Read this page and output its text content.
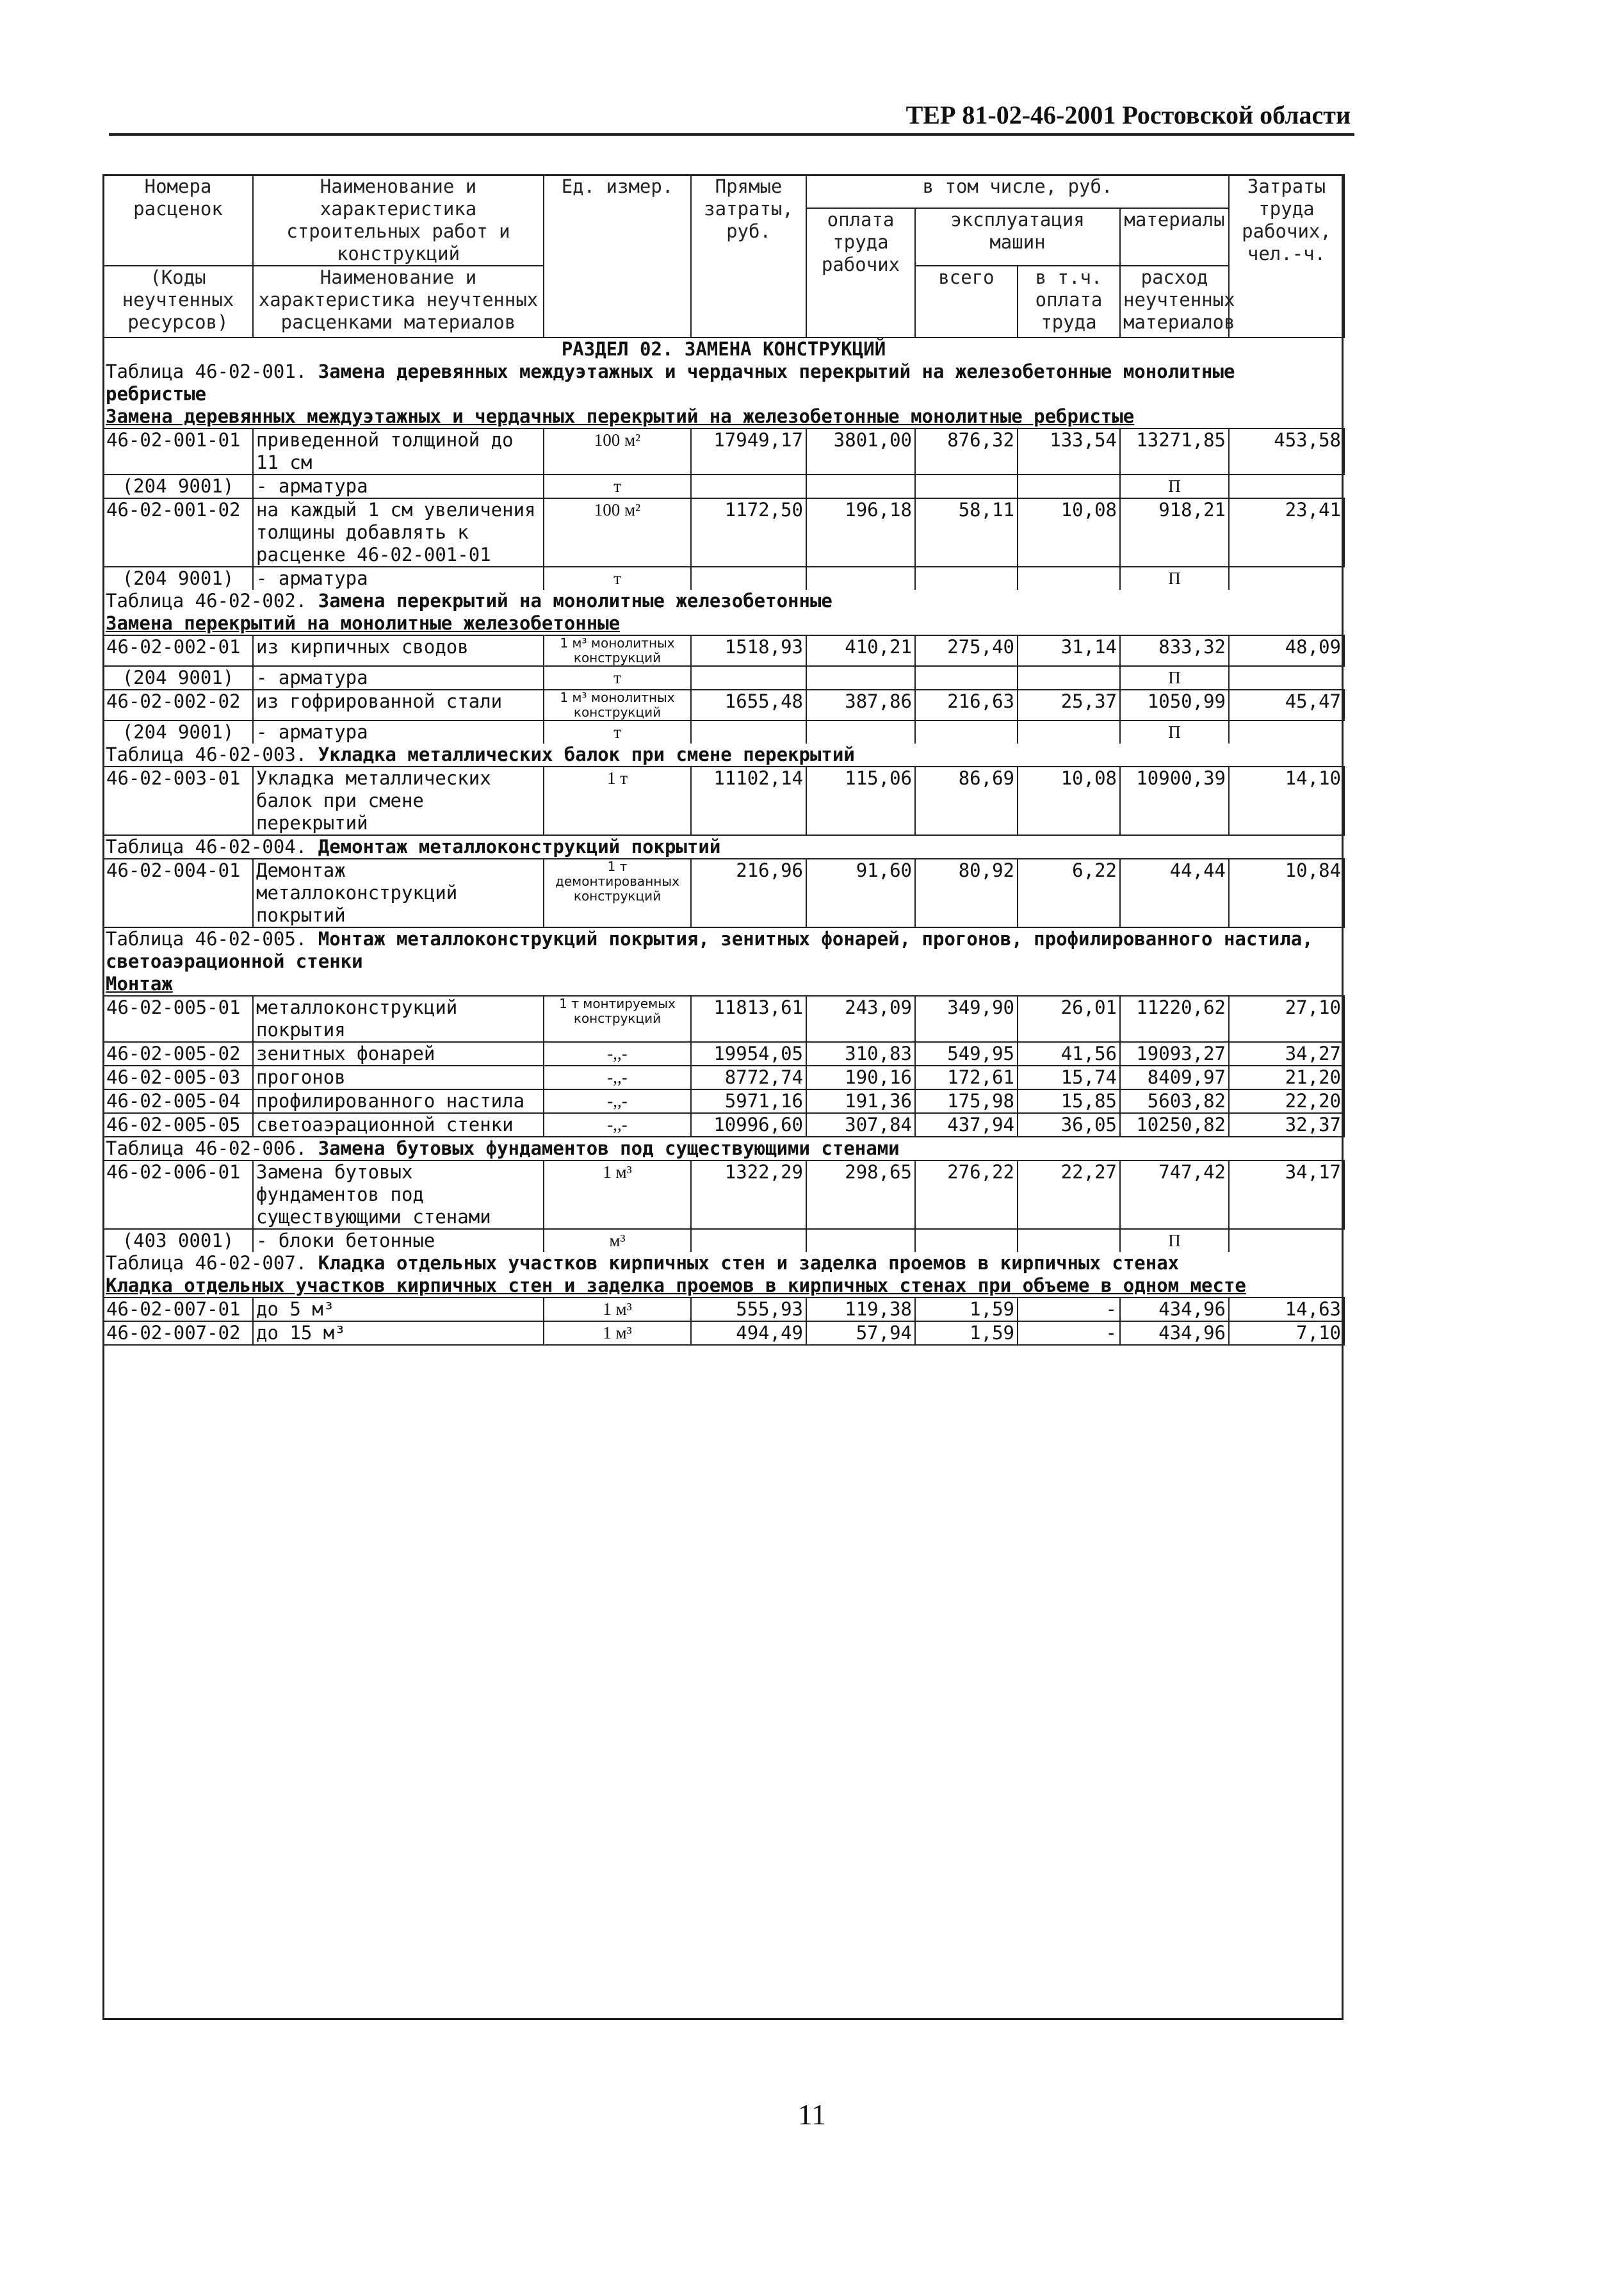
ТЕР 81-02-46-2001 Ростовской области
Номера расценок	Наименование и характеристика строительных работ и конструкций	Ед. измер.	Прямые затраты, руб.	в том числе, руб.				Затраты труда рабочих, чел.-ч.
				оплата труда рабочих	эксплуатация машин		материалы	
(Коды неучтенных ресурсов)	Наименование и характеристика неучтенных расценками материалов				всего	в т.ч. оплата труда	расход неучтенных материалов	

РАЗДЕЛ 02. ЗАМЕНА КОНСТРУКЦИЙ								
Таблица 46-02-001. Замена деревянных междуэтажных и чердачных перекрытий на железобетонные монолитные ребристые								
Замена деревянных междуэтажных и чердачных перекрытий на железобетонные монолитные ребристые								
46-02-001-01	приведенной толщиной до 11 см	100 м²	17949,17	3801,00	876,32	133,54	13271,85	453,58
(204 9001)	- арматура	т					П	
46-02-001-02	на каждый 1 см увеличения толщины добавлять к расценке 46-02-001-01	100 м²	1172,50	196,18	58,11	10,08	918,21	23,41
(204 9001)	- арматура	т					П	
Таблица 46-02-002. Замена перекрытий на монолитные железобетонные								
Замена перекрытий на монолитные железобетонные								
46-02-002-01	из кирпичных сводов	1 м³ монолитных конструкций	1518,93	410,21	275,40	31,14	833,32	48,09
(204 9001)	- арматура	т					П	
46-02-002-02	из гофрированной стали	1 м³ монолитных конструкций	1655,48	387,86	216,63	25,37	1050,99	45,47
(204 9001)	- арматура	т					П	
Таблица 46-02-003. Укладка металлических балок при смене перекрытий								
46-02-003-01	Укладка металлических балок при смене перекрытий	1 т	11102,14	115,06	86,69	10,08	10900,39	14,10
Таблица 46-02-004. Демонтаж металлоконструкций покрытий								
46-02-004-01	Демонтаж металлоконструкций покрытий	1 т демонтированных конструкций	216,96	91,60	80,92	6,22	44,44	10,84
Таблица 46-02-005. Монтаж металлоконструкций покрытия, зенитных фонарей, прогонов, профилированного настила, светоаэрационной стенки								
Монтаж								
46-02-005-01	металлоконструкций покрытия	1 т монтируемых конструкций	11813,61	243,09	349,90	26,01	11220,62	27,10
46-02-005-02	зенитных фонарей	-,,-	19954,05	310,83	549,95	41,56	19093,27	34,27
46-02-005-03	прогонов	-,,-	8772,74	190,16	172,61	15,74	8409,97	21,20
46-02-005-04	профилированного настила	-,,-	5971,16	191,36	175,98	15,85	5603,82	22,20
46-02-005-05	светоаэрационной стенки	-,,-	10996,60	307,84	437,94	36,05	10250,82	32,37
Таблица 46-02-006. Замена бутовых фундаментов под существующими стенами								
46-02-006-01	Замена бутовых фундаментов под существующими стенами	1 м³	1322,29	298,65	276,22	22,27	747,42	34,17
(403 0001)	- блоки бетонные	м³					П	
Таблица 46-02-007. Кладка отдельных участков кирпичных стен и заделка проемов в кирпичных стенах								
Кладка отдельных участков кирпичных стен и заделка проемов в кирпичных стенах при объеме в одном месте								
46-02-007-01	до 5 м³	1 м³	555,93	119,38	1,59	-	434,96	14,63
46-02-007-02	до 15 м³	1 м³	494,49	57,94	1,59	-	434,96	7,10
11
